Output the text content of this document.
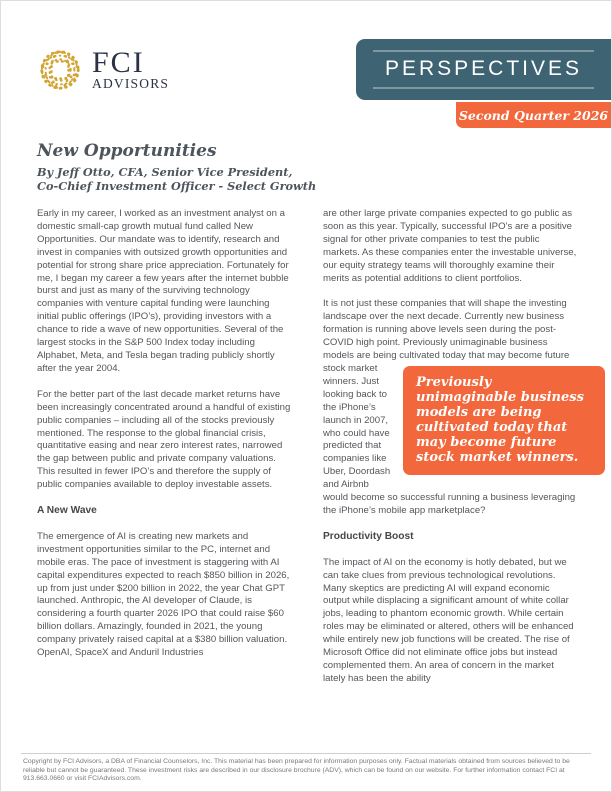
FCI
ADVISORS
PERSPECTIVES
Second Quarter 2026
New Opportunities
By Jeff Otto, CFA, Senior Vice President,
Co-Chief Investment Officer - Select Growth

Early in my career, I worked as an investment analyst on a domestic small-cap growth mutual fund called New Opportunities. Our mandate was to identify, research and invest in companies with outsized growth opportunities and potential for strong share price appreciation. Fortunately for me, I began my career a few years after the internet bubble burst and just as many of the surviving technology companies with venture capital funding were launching initial public offerings (IPO’s), providing investors with a chance to ride a wave of new opportunities. Several of the largest stocks in the S&P 500 Index today including Alphabet, Meta, and Tesla began trading publicly shortly after the year 2004.

For the better part of the last decade market returns have been increasingly concentrated around a handful of existing public companies – including all of the stocks previously mentioned. The response to the global financial crisis, quantitative easing and near zero interest rates, narrowed the gap between public and private company valuations. This resulted in fewer IPO’s and therefore the supply of public companies available to deploy investable assets.

A New Wave

The emergence of AI is creating new markets and investment opportunities similar to the PC, internet and mobile eras. The pace of investment is staggering with AI capital expenditures expected to reach $850 billion in 2026, up from just under $200 billion in 2022, the year Chat GPT launched. Anthropic, the AI developer of Claude, is considering a fourth quarter 2026 IPO that could raise $60 billion dollars. Amazingly, founded in 2021, the young company privately raised capital at a $380 billion valuation. OpenAI, SpaceX and Anduril Industries

are other large private companies expected to go public as soon as this year. Typically, successful IPO’s are a positive signal for other private companies to test the public markets. As these companies enter the investable universe, our equity strategy teams will thoroughly examine their merits as potential additions to client portfolios.

It is not just these companies that will shape the investing landscape over the next decade. Currently new business formation is running above levels seen during the post-COVID high point. Previously unimaginable business models are being cultivated
Previously unimaginable business models are being cultivated today that may become future stock market winners.
today that may become future stock market winners. Just looking back to the iPhone’s launch in 2007, who could have predicted that companies like Uber, Doordash and Airbnb would become so successful running a business leveraging the iPhone’s mobile app marketplace?

Productivity Boost

The impact of AI on the economy is hotly debated, but we can take clues from previous technological revolutions. Many skeptics are predicting AI will expand economic output while displacing a significant amount of white collar jobs, leading to phantom economic growth. While certain roles may be eliminated or altered, others will be enhanced while entirely new job functions will be created. The rise of Microsoft Office did not eliminate office jobs but instead complemented them. An area of concern in the market lately has been the ability

Copyright by FCI Advisors, a DBA of Financial Counselors, Inc. This material has been prepared for information purposes only. Factual materials obtained from sources believed to be reliable but cannot be guaranteed. These investment risks are described in our disclosure brochure (ADV), which can be found on our website. For further information contact FCI at 913.663.0660 or visit FCIAdvisors.com.
